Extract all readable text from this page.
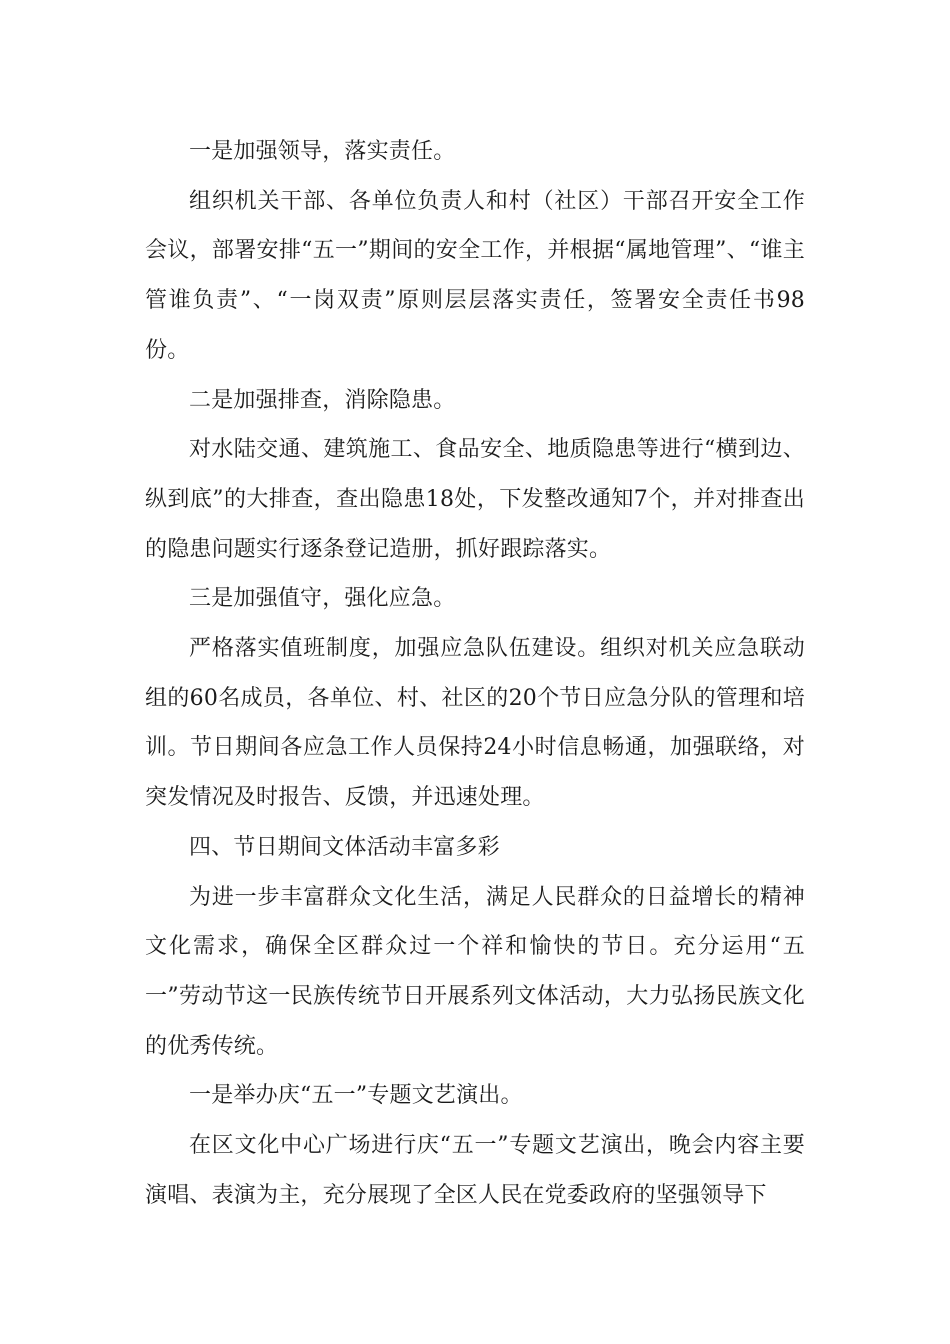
一是加强领导，落实责任。

组织机关干部、各单位负责人和村（社区）干部召开安全工作会议，部署安排“五一”期间的安全工作，并根据“属地管理”、“谁主管谁负责”、“一岗双责”原则层层落实责任，签署安全责任书98份。

二是加强排查，消除隐患。

对水陆交通、建筑施工、食品安全、地质隐患等进行“横到边、纵到底”的大排查，查出隐患18处，下发整改通知7个，并对排查出的隐患问题实行逐条登记造册，抓好跟踪落实。

三是加强值守，强化应急。

严格落实值班制度，加强应急队伍建设。组织对机关应急联动组的60名成员，各单位、村、社区的20个节日应急分队的管理和培训。节日期间各应急工作人员保持24小时信息畅通，加强联络，对突发情况及时报告、反馈，并迅速处理。

四、节日期间文体活动丰富多彩

为进一步丰富群众文化生活，满足人民群众的日益增长的精神文化需求，确保全区群众过一个祥和愉快的节日。充分运用“五一”劳动节这一民族传统节日开展系列文体活动，大力弘扬民族文化的优秀传统。

一是举办庆“五一”专题文艺演出。

在区文化中心广场进行庆“五一”专题文艺演出，晚会内容主要演唱、表演为主，充分展现了全区人民在党委政府的坚强领导下
